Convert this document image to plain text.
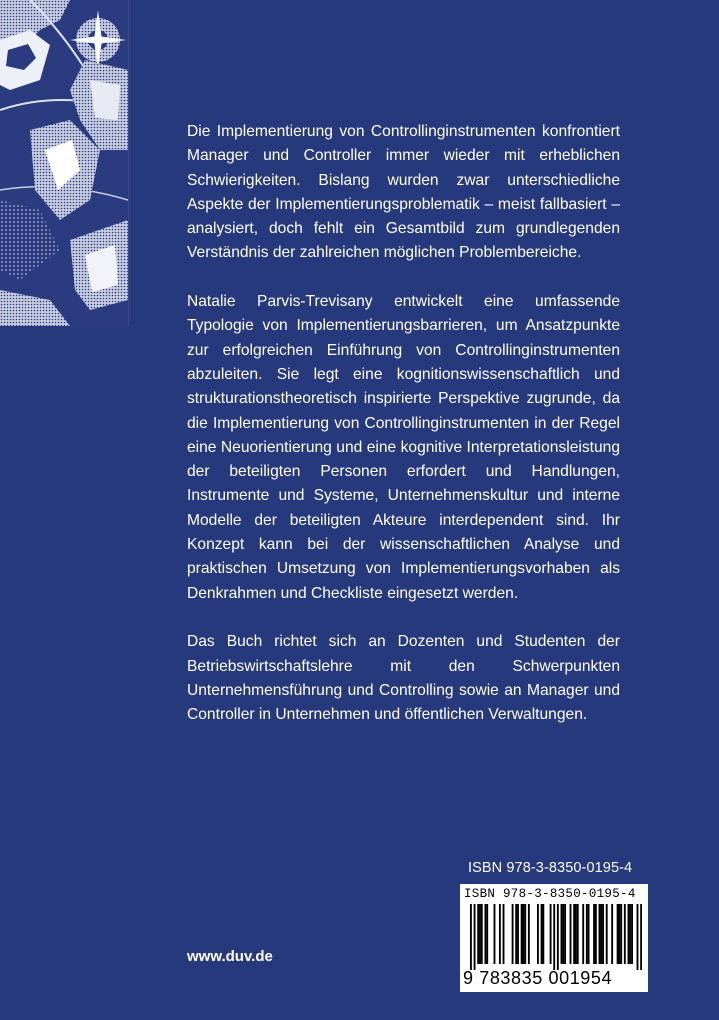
Die Implementierung von Controllinginstrumenten konfrontiert Manager und Controller immer wieder mit erheblichen Schwierigkeiten. Bislang wurden zwar unterschiedliche Aspekte der Implementierungsproblematik – meist fallbasiert – analysiert, doch fehlt ein Gesamtbild zum grundlegenden Verständnis der zahlreichen möglichen Problembereiche.

Natalie Parvis-Trevisany entwickelt eine umfassende Typologie von Implementierungsbarrieren, um Ansatzpunkte zur erfolgreichen Einführung von Controllinginstrumenten abzuleiten. Sie legt eine kognitionswissenschaftlich und strukturationstheoretisch inspirierte Perspektive zugrunde, da die Implementierung von Controllinginstrumenten in der Regel eine Neuorientierung und eine kognitive Interpretationsleistung der beteiligten Personen erfordert und Handlungen, Instrumente und Systeme, Unternehmenskultur und interne Modelle der beteiligten Akteure interdependent sind. Ihr Konzept kann bei der wissenschaftlichen Analyse und praktischen Umsetzung von Implementierungsvorhaben als Denkrahmen und Checkliste eingesetzt werden.

Das Buch richtet sich an Dozenten und Studenten der Betriebswirtschaftslehre mit den Schwerpunkten Unternehmensführung und Controlling sowie an Manager und Controller in Unternehmen und öffentlichen Verwaltungen.

www.duv.de
ISBN 978-3-8350-0195-4
ISBN 978-3-8350-0195-4
9 783835 001954
